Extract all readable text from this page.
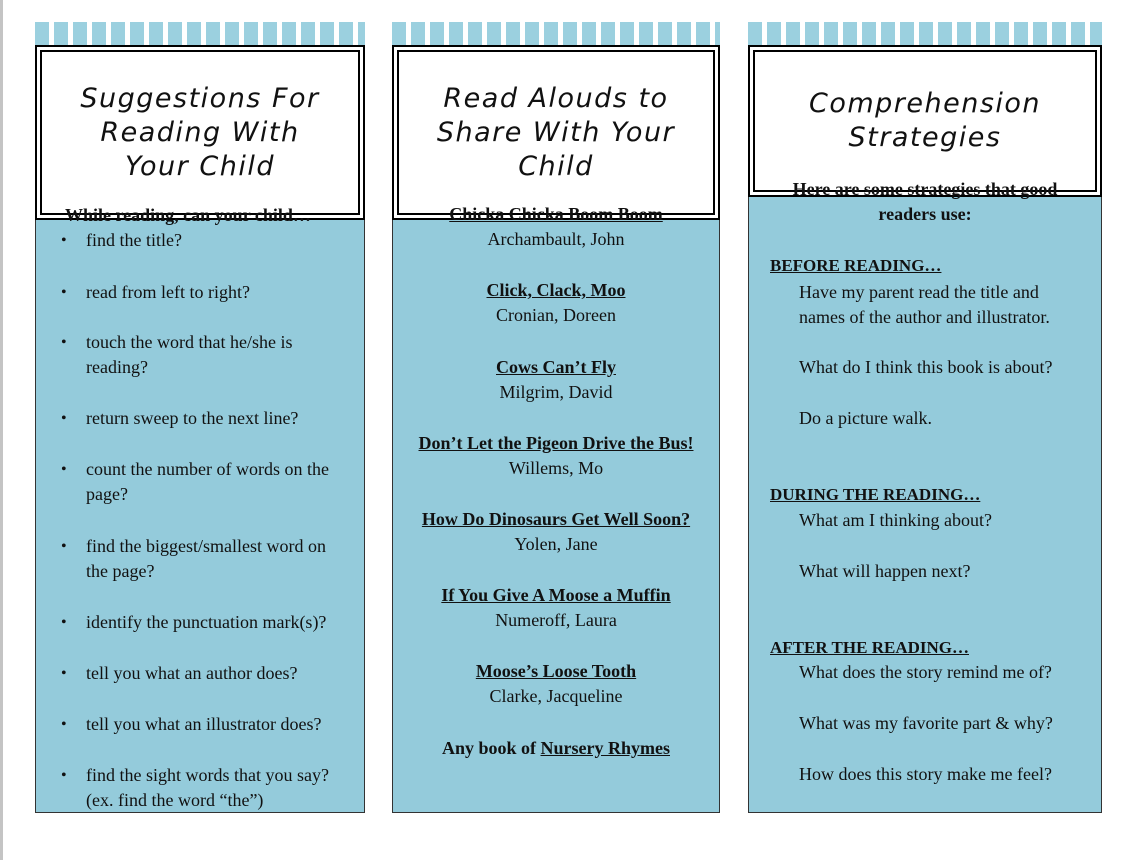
Suggestions For
Reading With
Your Child
While reading, can your child…
•	find the title?
•	read from left to right?
•	touch the word that he/she is
reading?
•	return sweep to the next line?
•	count the number of words on the
page?
•	find the biggest/smallest word on
the page?
•	identify the punctuation mark(s)?
•	tell you what an author does?
•	tell you what an illustrator does?
•	find the sight words that you say?
(ex. find the word “the”)
Read Alouds to
Share With Your
Child
Chicka Chicka Boom Boom
Archambault, John
Click, Clack, Moo
Cronian, Doreen
Cows Can’t Fly
Milgrim, David
Don’t Let the Pigeon Drive the Bus!
Willems, Mo
How Do Dinosaurs Get Well Soon?
Yolen, Jane
If You Give A Moose a Muffin
Numeroff, Laura
Moose’s Loose Tooth
Clarke, Jacqueline
Any book of Nursery Rhymes
Comprehension
Strategies
Here are some strategies that good
readers use:
BEFORE READING…
Have my parent read the title and
names of the author and illustrator.
What do I think this book is about?
Do a picture walk.
DURING THE READING…
What am I thinking about?
What will happen next?
AFTER THE READING…
What does the story remind me of?
What was my favorite part & why?
How does this story make me feel?
